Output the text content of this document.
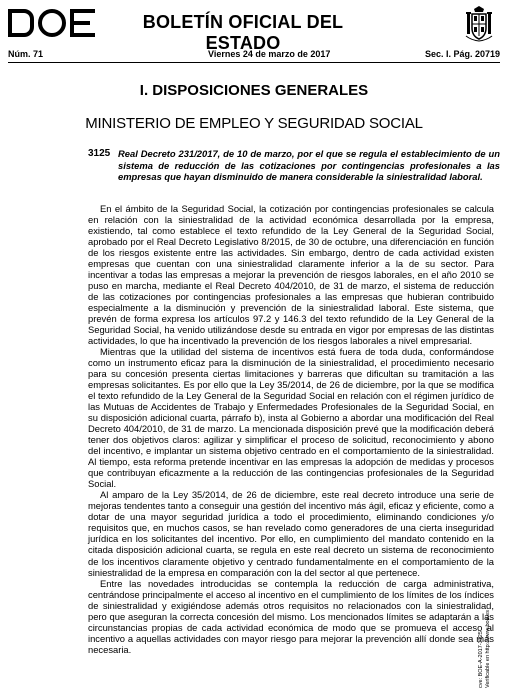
BOLETÍN OFICIAL DEL ESTADO
Núm. 71	Viernes 24 de marzo de 2017	Sec. I. Pág. 20719
I. DISPOSICIONES GENERALES
MINISTERIO DE EMPLEO Y SEGURIDAD SOCIAL
3125 Real Decreto 231/2017, de 10 de marzo, por el que se regula el establecimiento de un sistema de reducción de las cotizaciones por contingencias profesionales a las empresas que hayan disminuido de manera considerable la siniestralidad laboral.

En el ámbito de la Seguridad Social, la cotización por contingencias profesionales se calcula en relación con la siniestralidad de la actividad económica desarrollada por la empresa, existiendo, tal como establece el texto refundido de la Ley General de la Seguridad Social, aprobado por el Real Decreto Legislativo 8/2015, de 30 de octubre, una diferenciación en función de los riesgos existente entre las actividades. Sin embargo, dentro de cada actividad existen empresas que cuentan con una siniestralidad claramente inferior a la de su sector. Para incentivar a todas las empresas a mejorar la prevención de riesgos laborales, en el año 2010 se puso en marcha, mediante el Real Decreto 404/2010, de 31 de marzo, el sistema de reducción de las cotizaciones por contingencias profesionales a las empresas que hubieran contribuido especialmente a la disminución y prevención de la siniestralidad laboral. Este sistema, que prevén de forma expresa los artículos 97.2 y 146.3 del texto refundido de la Ley General de la Seguridad Social, ha venido utilizándose desde su entrada en vigor por empresas de las distintas actividades, lo que ha incentivado la prevención de los riesgos laborales a nivel empresarial.

Mientras que la utilidad del sistema de incentivos está fuera de toda duda, conformándose como un instrumento eficaz para la disminución de la siniestralidad, el procedimiento necesario para su concesión presenta ciertas limitaciones y barreras que dificultan su tramitación a las empresas solicitantes. Es por ello que la Ley 35/2014, de 26 de diciembre, por la que se modifica el texto refundido de la Ley General de la Seguridad Social en relación con el régimen jurídico de las Mutuas de Accidentes de Trabajo y Enfermedades Profesionales de la Seguridad Social, en su disposición adicional cuarta, párrafo b), insta al Gobierno a abordar una modificación del Real Decreto 404/2010, de 31 de marzo. La mencionada disposición prevé que la modificación deberá tener dos objetivos claros: agilizar y simplificar el proceso de solicitud, reconocimiento y abono del incentivo, e implantar un sistema objetivo centrado en el comportamiento de la siniestralidad. Al tiempo, esta reforma pretende incentivar en las empresas la adopción de medidas y procesos que contribuyan eficazmente a la reducción de las contingencias profesionales de la Seguridad Social.

Al amparo de la Ley 35/2014, de 26 de diciembre, este real decreto introduce una serie de mejoras tendentes tanto a conseguir una gestión del incentivo más ágil, eficaz y eficiente, como a dotar de una mayor seguridad jurídica a todo el procedimiento, eliminando condiciones y/o requisitos que, en muchos casos, se han revelado como generadores de una cierta inseguridad jurídica en los solicitantes del incentivo. Por ello, en cumplimiento del mandato contenido en la citada disposición adicional cuarta, se regula en este real decreto un sistema de reconocimiento de los incentivos claramente objetivo y centrado fundamentalmente en el comportamiento de la siniestralidad de la empresa en comparación con la del sector al que pertenece.

Entre las novedades introducidas se contempla la reducción de carga administrativa, centrándose principalmente el acceso al incentivo en el cumplimiento de los límites de los índices de siniestralidad y exigiéndose además otros requisitos no relacionados con la siniestralidad, pero que aseguran la correcta concesión del mismo. Los mencionados límites se adaptarán a las circunstancias propias de cada actividad económica de modo que se promueva el acceso al incentivo a aquellas actividades con mayor riesgo para mejorar la prevención allí donde sea más necesaria.	cve: BOE-A-2017-3125 Verificable en http://www.boe.es
